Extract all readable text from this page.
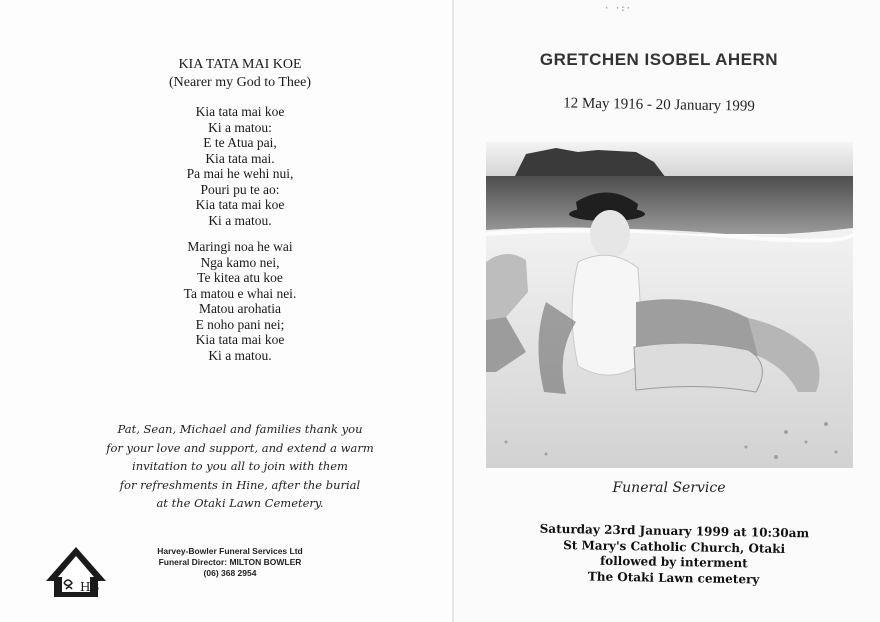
KIA TATA MAI KOE
(Nearer my God to Thee)
Kia tata mai koe
Ki a matou:
E te Atua pai,
Kia tata mai.
Pa mai he wehi nui,
Pouri pu te ao:
Kia tata mai koe
Ki a matou.
Maringi noa he wai
Nga kamo nei,
Te kitea atu koe
Ta matou e whai nei.
Matou arohatia
E noho pani nei;
Kia tata mai koe
Ki a matou.
Pat, Sean, Michael and families thank you
for your love and support, and extend a warm
invitation to you all to join with them
for refreshments in Hine, after the burial
at the Otaki Lawn Cemetery.
HB
Harvey-Bowler Funeral Services Ltd
Funeral Director: MILTON BOWLER
(06) 368 2954
· ·:·
GRETCHEN ISOBEL AHERN
12 May 1916 - 20 January 1999
Funeral Service
Saturday 23rd January 1999 at 10:30am
St Mary's Catholic Church, Otaki
followed by interment
The Otaki Lawn cemetery
